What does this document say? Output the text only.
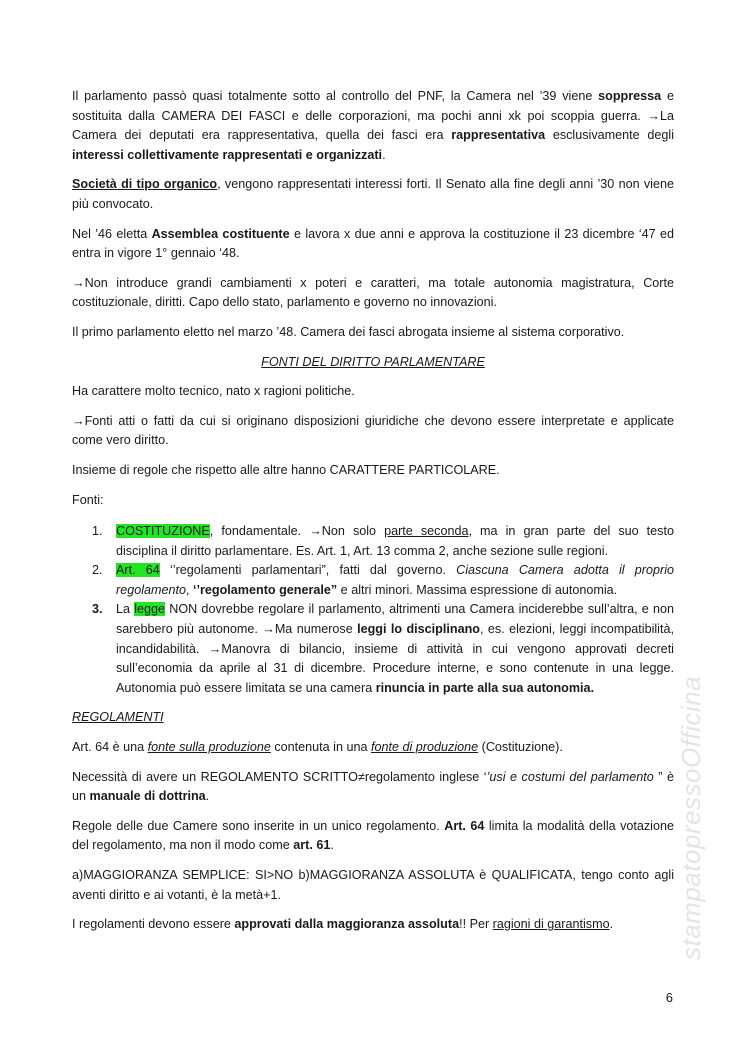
stampatopressoOfficina

Il parlamento passò quasi totalmente sotto al controllo del PNF, la Camera nel ’39 viene soppressa e sostituita dalla CAMERA DEI FASCI e delle corporazioni, ma pochi anni xk poi scoppia guerra. →La Camera dei deputati era rappresentativa, quella dei fasci era rappresentativa esclusivamente degli interessi collettivamente rappresentati e organizzati.

Società di tipo organico, vengono rappresentati interessi forti. Il Senato alla fine degli anni ’30 non viene più convocato.

Nel ’46 eletta Assemblea costituente e lavora x due anni e approva la costituzione il 23 dicembre ‘47 ed entra in vigore 1° gennaio ‘48.

→Non introduce grandi cambiamenti x poteri e caratteri, ma totale autonomia magistratura, Corte costituzionale, diritti. Capo dello stato, parlamento e governo no innovazioni.

Il primo parlamento eletto nel marzo ’48. Camera dei fasci abrogata insieme al sistema corporativo.

FONTI DEL DIRITTO PARLAMENTARE

Ha carattere molto tecnico, nato x ragioni politiche.

→Fonti atti o fatti da cui si originano disposizioni giuridiche che devono essere interpretate e applicate come vero diritto.

Insieme di regole che rispetto alle altre hanno CARATTERE PARTICOLARE.

Fonti:

1. COSTITUZIONE, fondamentale. →Non solo parte seconda, ma in gran parte del suo testo disciplina il diritto parlamentare. Es. Art. 1, Art. 13 comma 2, anche sezione sulle regioni.
2. Art. 64 ‘’regolamenti parlamentari”, fatti dal governo. Ciascuna Camera adotta il proprio regolamento, ‘’regolamento generale” e altri minori. Massima espressione di autonomia.
3. La legge NON dovrebbe regolare il parlamento, altrimenti una Camera inciderebbe sull’altra, e non sarebbero più autonome. →Ma numerose leggi lo disciplinano, es. elezioni, leggi incompatibilità, incandidabilità. →Manovra di bilancio, insieme di attività in cui vengono approvati decreti sull’economia da aprile al 31 di dicembre. Procedure interne, e sono contenute in una legge. Autonomia può essere limitata se una camera rinuncia in parte alla sua autonomia.

REGOLAMENTI

Art. 64 è una fonte sulla produzione contenuta in una fonte di produzione (Costituzione).

Necessità di avere un REGOLAMENTO SCRITTO≠regolamento inglese ‘’usi e costumi del parlamento ” è un manuale di dottrina.

Regole delle due Camere sono inserite in un unico regolamento. Art. 64 limita la modalità della votazione del regolamento, ma non il modo come art. 61.

a)MAGGIORANZA SEMPLICE: SI>NO b)MAGGIORANZA ASSOLUTA è QUALIFICATA, tengo conto agli aventi diritto e ai votanti, è la metà+1.

I regolamenti devono essere approvati dalla maggioranza assoluta!! Per ragioni di garantismo.

6
